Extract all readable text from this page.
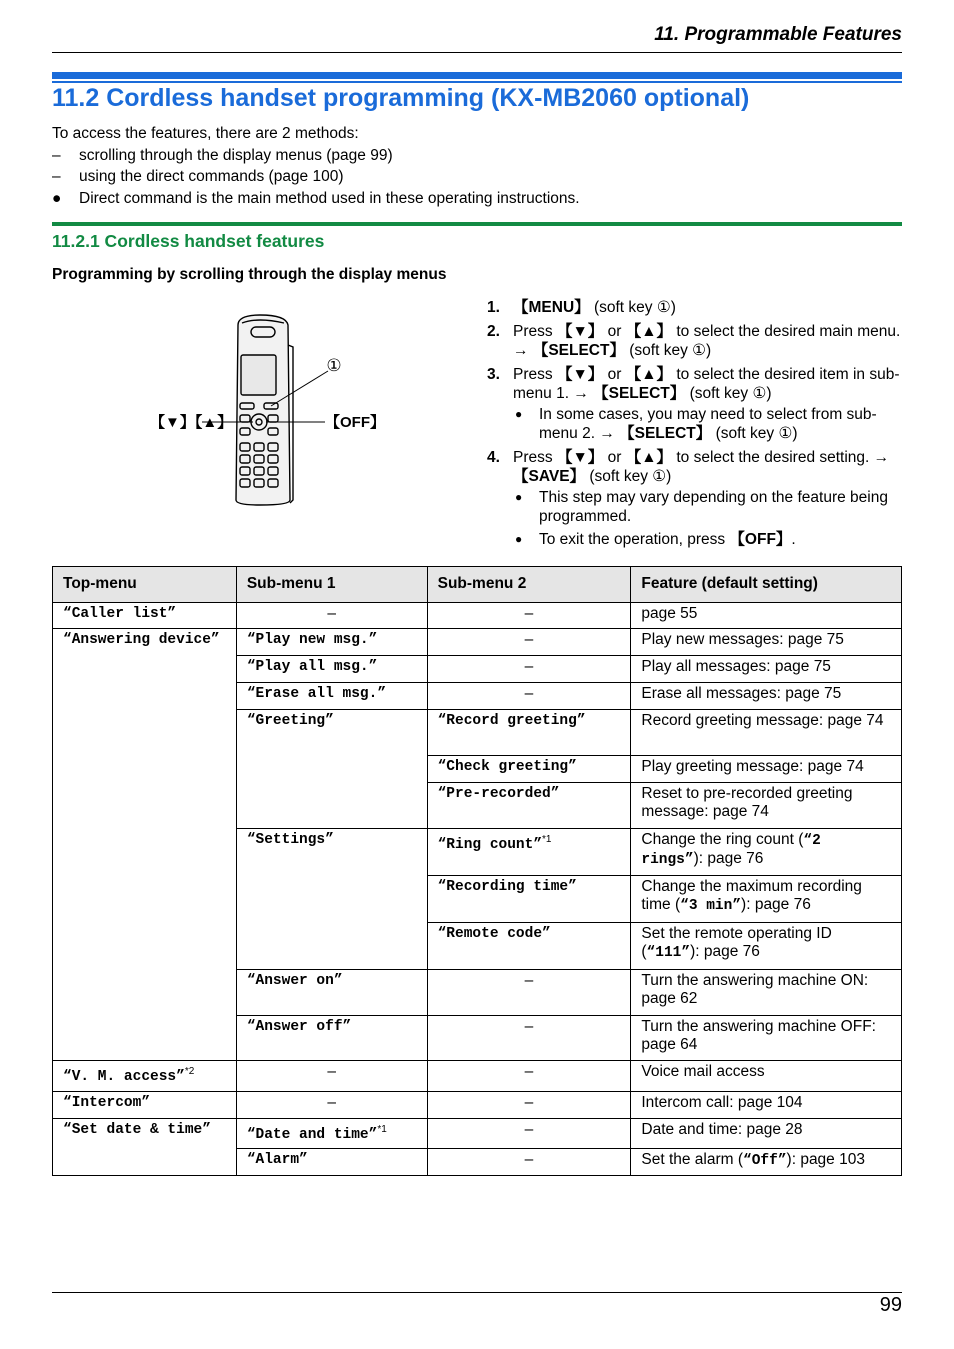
11. Programmable Features
11.2 Cordless handset programming (KX-MB2060 optional)
To access the features, there are 2 methods:
– scrolling through the display menus (page 99)
– using the direct commands (page 100)
● Direct command is the main method used in these operating instructions.
11.2.1 Cordless handset features
Programming by scrolling through the display menus
①
【▼】【▲】	【OFF】
1. 【MENU】 (soft key ①)
2. Press 【▼】 or 【▲】 to select the desired main menu.
→ 【SELECT】 (soft key ①)
3. Press 【▼】 or 【▲】 to select the desired item in sub-menu 1. → 【SELECT】 (soft key ①)
● In some cases, you may need to select from sub-menu 2. → 【SELECT】 (soft key ①)
4. Press 【▼】 or 【▲】 to select the desired setting. →
【SAVE】 (soft key ①)
● This step may vary depending on the feature being programmed.
● To exit the operation, press 【OFF】.
Top-menu	Sub-menu 1	Sub-menu 2	Feature (default setting)
“Caller list”	–	–	page 55
“Answering device”	“Play new msg.”	–	Play new messages: page 75
	“Play all msg.”	–	Play all messages: page 75
	“Erase all msg.”	–	Erase all messages: page 75
	“Greeting”	“Record greeting”	Record greeting message: page 74
		“Check greeting”	Play greeting message: page 74
		“Pre-recorded”	Reset to pre-recorded greeting message: page 74
	“Settings”	“Ring count”$^{*1}$	Change the ring count (“2 rings”): page 76
		“Recording time”	Change the maximum recording time (“3 min”): page 76
		“Remote code”	Set the remote operating ID (“111”): page 76
	“Answer on”	–	Turn the answering machine ON: page 62
	“Answer off”	–	Turn the answering machine OFF: page 64

“V. M. access”$^{*2}$	–	–	Voice mail access
“Intercom”	–	–	Intercom call: page 104
“Set date & time”	“Date and time”$^{*1}$	–	Date and time: page 28
	“Alarm”	–	Set the alarm (“Off”): page 103
99
